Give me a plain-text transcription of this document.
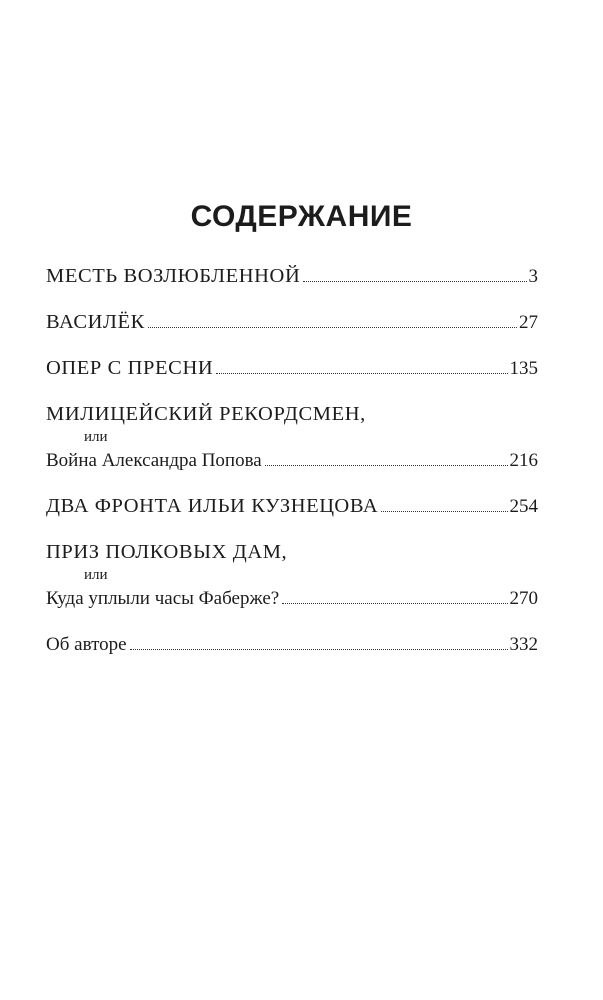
СОДЕРЖАНИЕ
МЕСТЬ ВОЗЛЮБЛЕННОЙ	3
ВАСИЛЁК	27
ОПЕР С ПРЕСНИ	135
МИЛИЦЕЙСКИЙ РЕКОРДСМЕН,
или
Война Александра Попова	216
ДВА ФРОНТА ИЛЬИ КУЗНЕЦОВА	254
ПРИЗ ПОЛКОВЫХ ДАМ,
или
Куда уплыли часы Фаберже?	270
Об авторе	332
